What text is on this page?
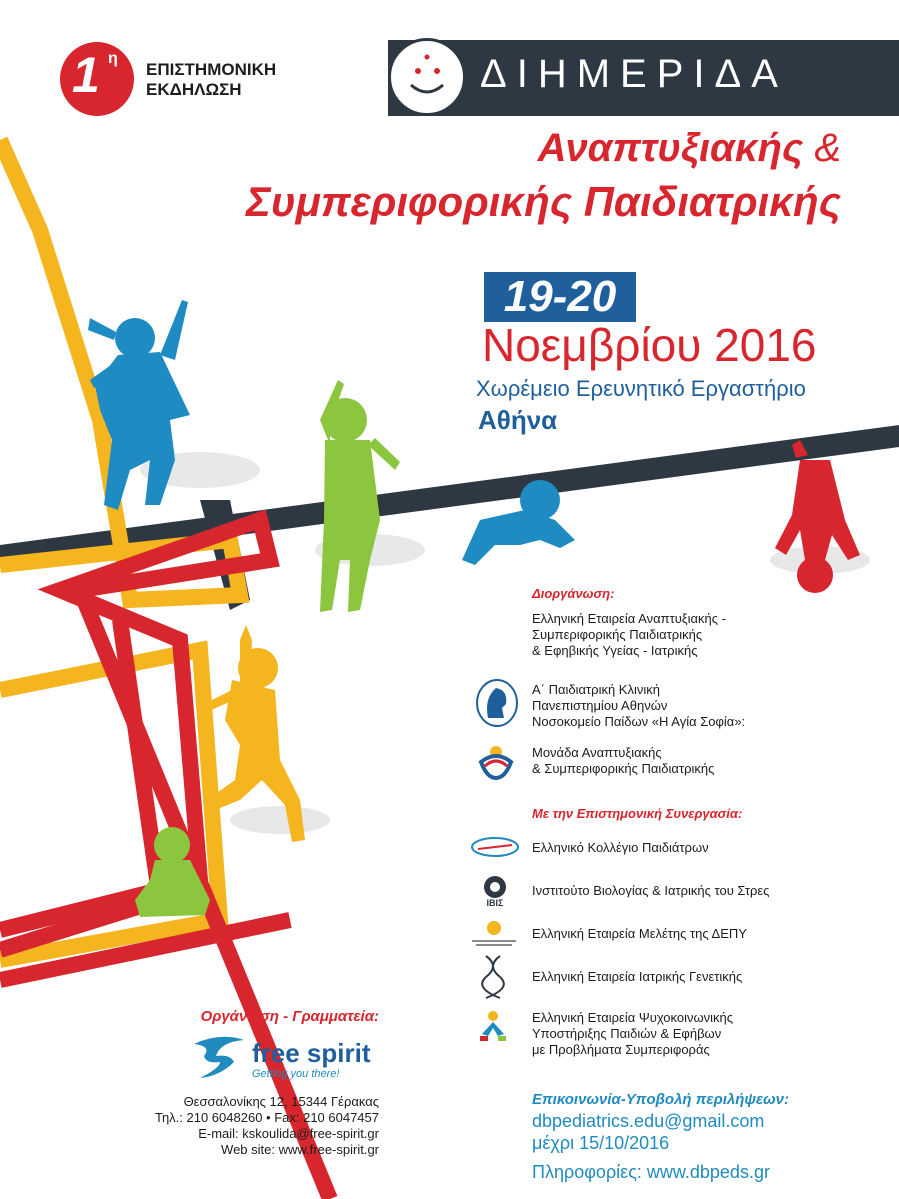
1 η
ΕΠΙΣΤΗΜΟΝΙΚΗ
ΕΚΔΗΛΩΣΗ	ΔΙΗΜΕΡΙΔΑ
Αναπτυξιακής &
Συμπεριφορικής Παιδιατρικής
19-20
Νοεμβρίου 2016
Χωρέμειο Ερευνητικό Εργαστήριο
Αθήνα
Διοργάνωση:
Ελληνική Εταιρεία Αναπτυξιακής -
Συμπεριφορικής Παιδιατρικής
& Εφηβικής Υγείας - Ιατρικής
Α΄ Παιδιατρική Κλινική
Πανεπιστημίου Αθηνών
Νοσοκομείο Παίδων «Η Αγία Σοφία»:
Μονάδα Αναπτυξιακής
& Συμπεριφορικής Παιδιατρικής
Με την Επιστημονική Συνεργασία:
Ελληνικό Κολλέγιο Παιδιάτρων
IBIΣ
Ινστιτούτο Βιολογίας & Ιατρικής του Στρες
Ελληνική Εταιρεία Μελέτης της ΔΕΠΥ
Ελληνική Εταιρεία Ιατρικής Γενετικής
Ελληνική Εταιρεία Ψυχοκοινωνικής
Υποστήριξης Παιδιών & Εφήβων
με Προβλήματα Συμπεριφοράς
Επικοινωνία-Υποβολή περιλήψεων:
dbpediatrics.edu@gmail.com
μέχρι 15/10/2016
Πληροφορίες: www.dbpeds.gr
Οργάνωση - Γραμματεία:
free spirit
Getting you there!
Θεσσαλονίκης 12, 15344 Γέρακας
Τηλ.: 210 6048260 • Fax: 210 6047457
E-mail: kskoulida@free-spirit.gr
Web site: www.free-spirit.gr
